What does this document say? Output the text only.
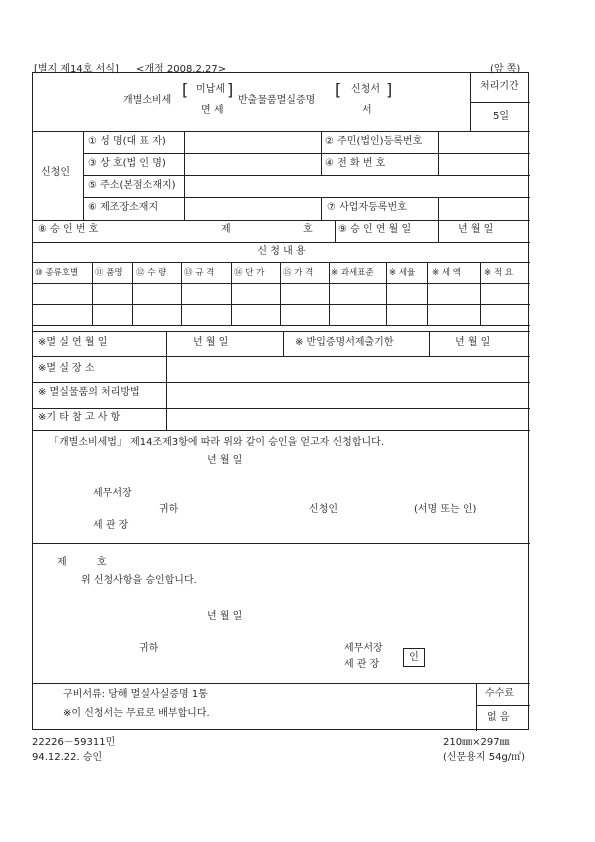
[별지 제14호 서식] <개정 2008.2.27>	(앞 쪽)
개별소비세
[ 미납세
면 세
]
반출물품멸실증명
[ 신청서
서
]	처리기간
5일
신청인
① 성 명(대 표 자)	② 주민(법인)등록번호
③ 상 호(법 인 명)	④ 전 화 번 호
⑤ 주소(본점소재지)
⑥ 제조장소재지	⑦ 사업자등록번호
⑧ 승 인 번 호	제	호	⑨ 승 인 연 월 일	년 월 일
신 청 내 용
⑩ 종류호별 ⑪ 품명 ⑫ 수 량 ⑬ 규 격 ⑭ 단 가 ⑮ 가 격 ※ 과세표준 ※ 세율 ※ 세 액	※ 적 요
※멸 실 연 월 일	년 월 일	※ 반입증명서제출기한	년 월 일
※멸 실 장 소
※ 멸실물품의 처리방법
※기 타 참 고 사 항
「개별소비세법」 제14조제3항에 따라 위와 같이 승인을 얻고자 신청합니다.
년 월 일
세무서장
귀하	신청인	(서명 또는 인)
세 관 장
제	호
위 신청사항을 승인합니다.
년 월 일
귀하	세무서장
세 관 장
인
구비서류: 당해 멸실사실증명 1통
※이 신청서는 무료로 배부합니다.
수수료
없 음
22226－59311민
94.12.22. 승인
210㎜×297㎜
(신문용지 54g/㎡)
